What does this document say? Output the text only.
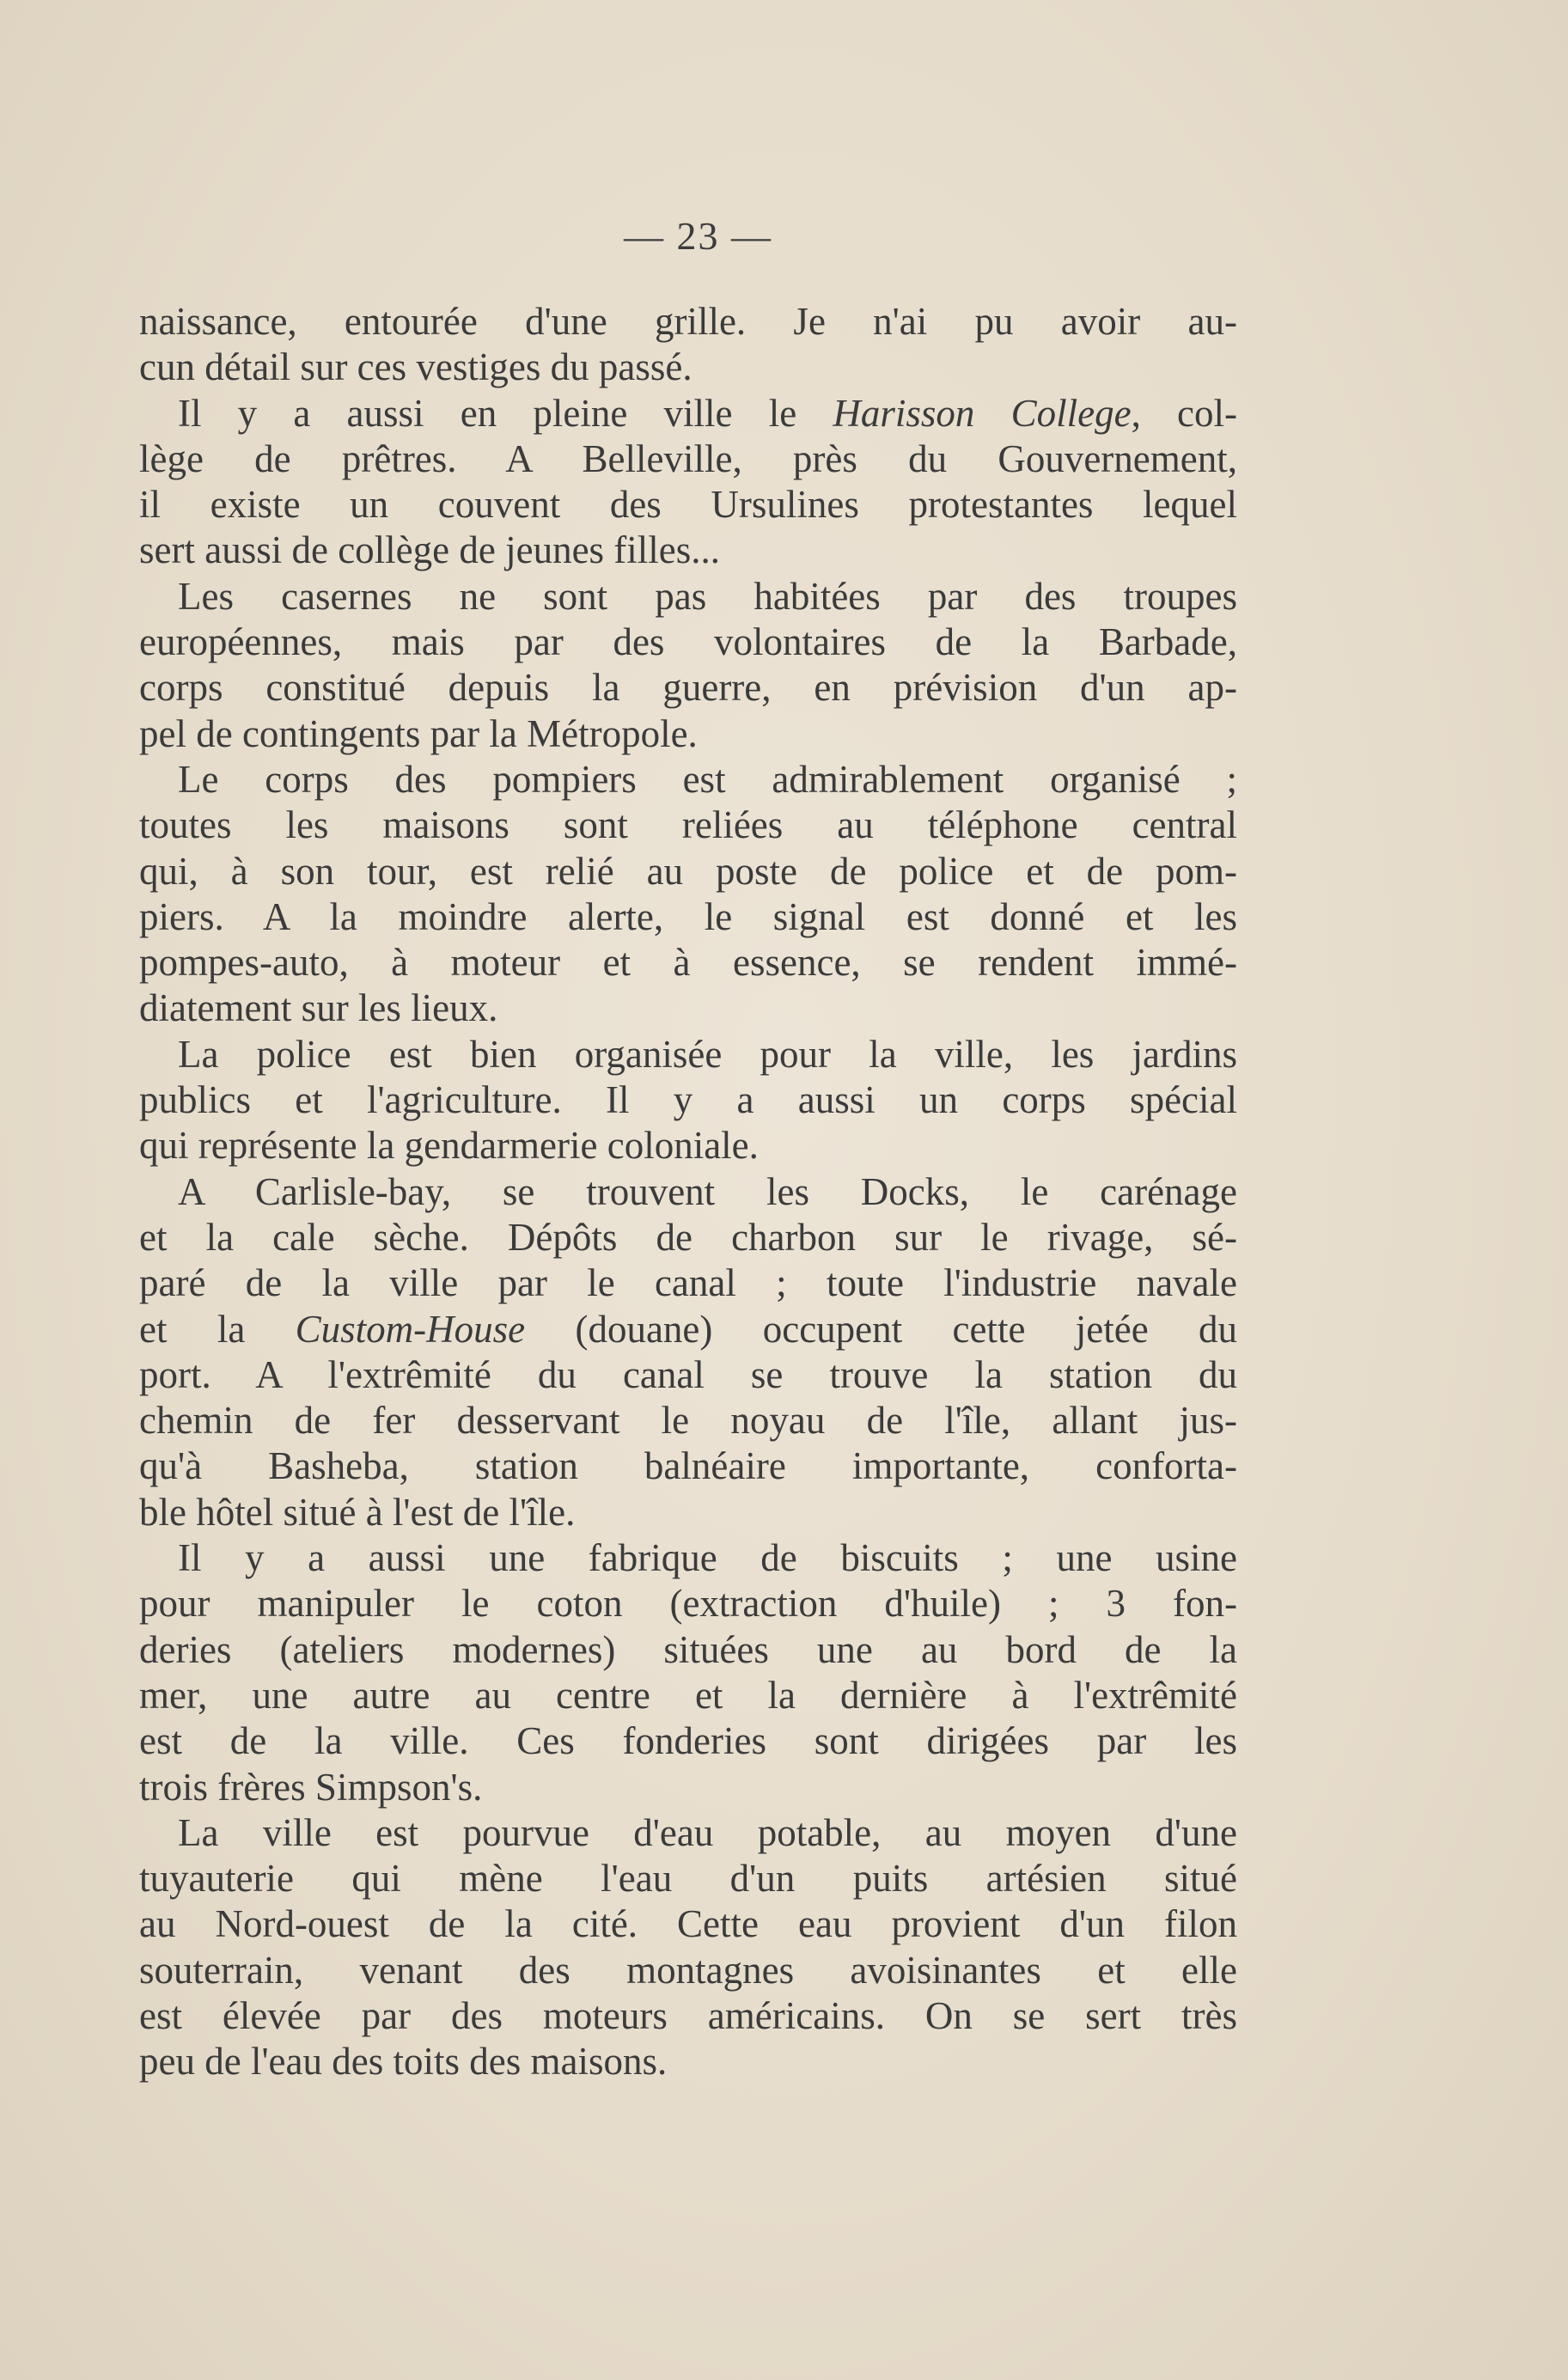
— 23 —
naissance, entourée d'une grille. Je n'ai pu avoir au-
cun détail sur ces vestiges du passé.
Il y a aussi en pleine ville le Harisson College, col-
lège de prêtres. A Belleville, près du Gouvernement,
il existe un couvent des Ursulines protestantes lequel
sert aussi de collège de jeunes filles...
Les casernes ne sont pas habitées par des troupes
européennes, mais par des volontaires de la Barbade,
corps constitué depuis la guerre, en prévision d'un ap-
pel de contingents par la Métropole.
Le corps des pompiers est admirablement organisé ;
toutes les maisons sont reliées au téléphone central
qui, à son tour, est relié au poste de police et de pom-
piers. A la moindre alerte, le signal est donné et les
pompes-auto, à moteur et à essence, se rendent immé-
diatement sur les lieux.
La police est bien organisée pour la ville, les jardins
publics et l'agriculture. Il y a aussi un corps spécial
qui représente la gendarmerie coloniale.
A Carlisle-bay, se trouvent les Docks, le carénage
et la cale sèche. Dépôts de charbon sur le rivage, sé-
paré de la ville par le canal ; toute l'industrie navale
et la Custom-House (douane) occupent cette jetée du
port. A l'extrêmité du canal se trouve la station du
chemin de fer desservant le noyau de l'île, allant jus-
qu'à Basheba, station balnéaire importante, conforta-
ble hôtel situé à l'est de l'île.
Il y a aussi une fabrique de biscuits ; une usine
pour manipuler le coton (extraction d'huile) ; 3 fon-
deries (ateliers modernes) situées une au bord de la
mer, une autre au centre et la dernière à l'extrêmité
est de la ville. Ces fonderies sont dirigées par les
trois frères Simpson's.
La ville est pourvue d'eau potable, au moyen d'une
tuyauterie qui mène l'eau d'un puits artésien situé
au Nord-ouest de la cité. Cette eau provient d'un filon
souterrain, venant des montagnes avoisinantes et elle
est élevée par des moteurs américains. On se sert très
peu de l'eau des toits des maisons.
